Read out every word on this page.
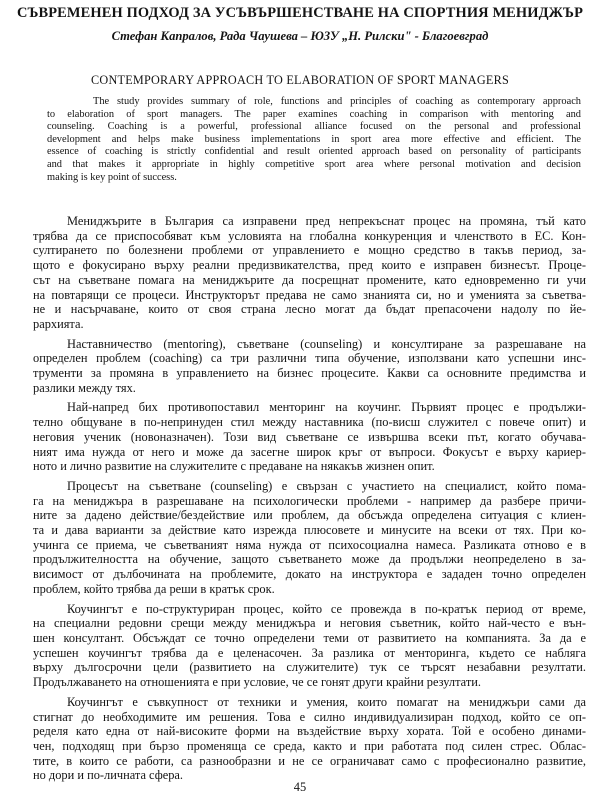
СЪВРЕМЕНЕН ПОДХОД ЗА УСЪВЪРШЕНСТВАНЕ НА СПОРТНИЯ МЕНИДЖЪР
Стефан Капралов, Рада Чаушева – ЮЗУ „Н. Рилски" - Благоевград
CONTEMPORARY APPROACH TO ELABORATION OF SPORT MANAGERS
The study provides summary of role, functions and principles of coaching as contemporary approach
to elaboration of sport managers. The paper examines coaching in comparison with mentoring and
counseling. Coaching is a powerful, professional alliance focused on the personal and professional
development and helps make business implementations in sport area more effective and efficient. The
essence of coaching is strictly confidential and result oriented approach based on personality of participants
and that makes it appropriate in highly competitive sport area where personal motivation and decision
making is key point of success.
Мениджърите в България са изправени пред непрекъснат процес на промяна, тъй като
трябва да се приспособяват към условията на глобална конкуренция и членството в ЕС. Кон-
султирането по болезнени проблеми от управлението е мощно средство в такъв период, за-
щото е фокусирано върху реални предизвикателства, пред които е изправен бизнесът. Проце-
сът на съветване помага на мениджърите да посрещнат промените, като едновременно ги учи
на повтарящи се процеси. Инструкторът предава не само знанията си, но и уменията за съветва-
не и насърчаване, които от своя страна лесно могат да бъдат препасочени надолу по йе-
рархията.
Наставничество (mentoring), съветване (counseling) и консултиране за разрешаване на
определен проблем (coaching) са три различни типа обучение, използвани като успешни инс-
трументи за промяна в управлението на бизнес процесите. Какви са основните предимства и
разлики между тях.
Най-напред бих противопоставил менторинг на коучинг. Първият процес е продължи-
телно общуване в по-непринуден стил между наставника (по-висш служител с повече опит) и
неговия ученик (новоназначен). Този вид съветване се извършва всеки път, когато обучава-
ният има нужда от него и може да засегне широк кръг от въпроси. Фокусът е върху кариер-
ното и лично развитие на служителите с предаване на някакъв жизнен опит.
Процесът на съветване (counseling) е свързан с участието на специалист, който пома-
га на мениджъра в разрешаване на психологически проблеми - например да разбере причи-
ните за дадено действие/бездействие или проблем, да обсъжда определена ситуация с клиен-
та и дава варианти за действие като изрежда плюсовете и минусите на всеки от тях. При ко-
учинга се приема, че съветваният няма нужда от психосоциална намеса. Разликата отново е в
продължителността на обучение, защото съветването може да продължи неопределено в за-
висимост от дълбочината на проблемите, докато на инструктора е зададен точно определен
проблем, който трябва да реши в кратък срок.
Коучингът е по-структуриран процес, който се провежда в по-кратък период от време,
на специални редовни срещи между мениджъра и неговия съветник, който най-често е вън-
шен консултант. Обсъждат се точно определени теми от развитието на компанията. За да е
успешен коучингът трябва да е целенасочен. За разлика от менторинга, където се наблягa
върху дългосрочни цели (развитието на служителите) тук се търсят незабавни резултати.
Продължаването на отношенията е при условие, че се гонят други крайни резултати.
Коучингът е съвкупност от техники и умения, които помагат на мениджъри сами да
стигнат до необходимите им решения. Това е силно индивидуализиран подход, който се оп-
ределя като една от най-високите форми на въздействие върху хората. Той е особено динами-
чен, подходящ при бързо променяща се среда, както и при работата под силен стрес. Облас-
тите, в които се работи, са разнообразни и не се ограничават само с професионално развитие,
но дори и по-личната сфера.
45
